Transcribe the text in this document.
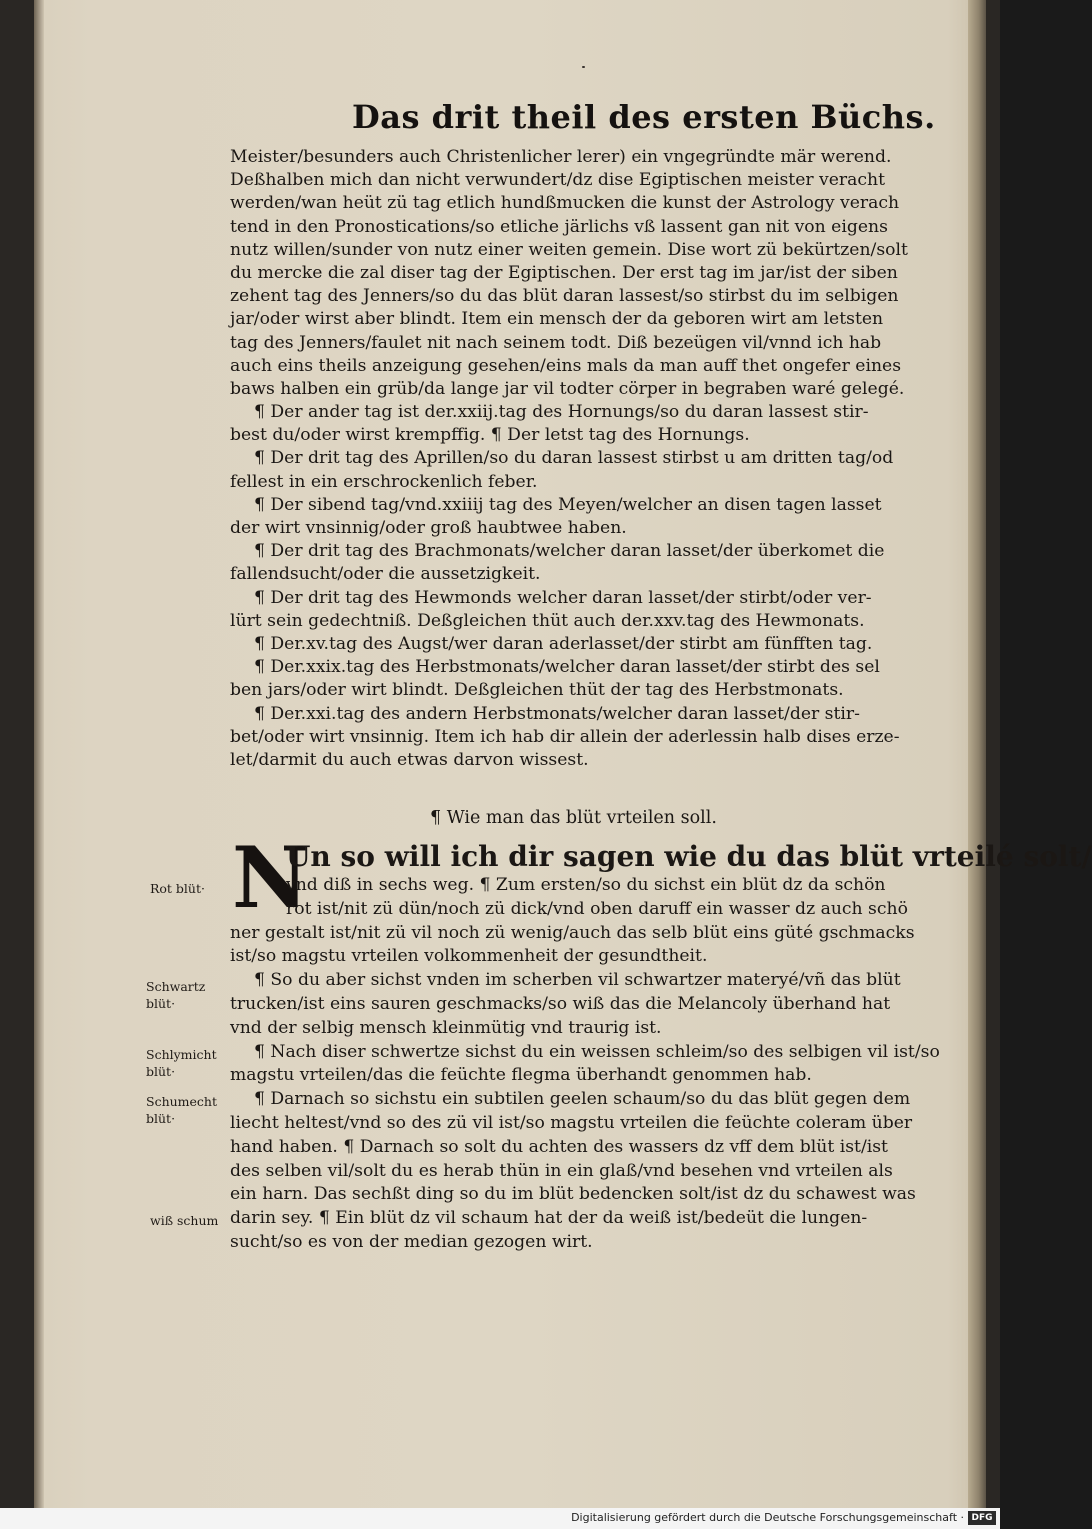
Das drit theil des ersten Büchs.
Meister/besunders auch Christenlicher lerer) ein vngegründte mär werend.
Deßhalben mich dan nicht verwundert/dz dise Egiptischen meister veracht
werden/wan heüt zü tag etlich hundßmucken die kunst der Astrology verach
tend in den Pronostications/so etliche järlichs vß lassent gan nit von eigens
nutz willen/sunder von nutz einer weiten gemein. Dise wort zü bekürtzen/solt
du mercke die zal diser tag der Egiptischen. Der erst tag im jar/ist der siben
zehent tag des Jenners/so du das blüt daran lassest/so stirbst du im selbigen
jar/oder wirst aber blindt. Item ein mensch der da geboren wirt am letsten
tag des Jenners/faulet nit nach seinem todt. Diß bezeügen vil/vnnd ich hab
auch eins theils anzeigung gesehen/eins mals da man auff thet ongefer eines
baws halben ein grüb/da lange jar vil todter cörper in begraben waré gelegé.
¶ Der ander tag ist der.xxiij.tag des Hornungs/so du daran lassest stir-
best du/oder wirst krempffig. ¶ Der letst tag des Hornungs.
¶ Der drit tag des Aprillen/so du daran lassest stirbst u am dritten tag/od
fellest in ein erschrockenlich feber.
¶ Der sibend tag/vnd.xxiiij tag des Meyen/welcher an disen tagen lasset
der wirt vnsinnig/oder groß haubtwee haben.
¶ Der drit tag des Brachmonats/welcher daran lasset/der überkomet die
fallendsucht/oder die aussetzigkeit.
¶ Der drit tag des Hewmonds welcher daran lasset/der stirbt/oder ver-
lürt sein gedechtniß. Deßgleichen thüt auch der.xxv.tag des Hewmonats.
¶ Der.xv.tag des Augst/wer daran aderlasset/der stirbt am fünfften tag.
¶ Der.xxix.tag des Herbstmonats/welcher daran lasset/der stirbt des sel
ben jars/oder wirt blindt. Deßgleichen thüt der tag des Herbstmonats.
¶ Der.xxi.tag des andern Herbstmonats/welcher daran lasset/der stir-
bet/oder wirt vnsinnig. Item ich hab dir allein der aderlessin halb dises erze-
let/darmit du auch etwas darvon wissest.
¶ Wie man das blüt vrteilen soll.
N
Un so will ich dir sagen wie du das blüt vrteilé solt/
vnd diß in sechs weg. ¶ Zum ersten/so du sichst ein blüt dz da schön
rot ist/nit zü dün/noch zü dick/vnd oben daruff ein wasser dz auch schö
ner gestalt ist/nit zü vil noch zü wenig/auch das selb blüt eins güté gschmacks
ist/so magstu vrteilen volkommenheit der gesundtheit.
¶ So du aber sichst vnden im scherben vil schwartzer materyé/vñ das blüt
trucken/ist eins sauren geschmacks/so wiß das die Melancoly überhand hat
vnd der selbig mensch kleinmütig vnd traurig ist.
¶ Nach diser schwertze sichst du ein weissen schleim/so des selbigen vil ist/so
magstu vrteilen/das die feüchte flegma überhandt genommen hab.
¶ Darnach so sichstu ein subtilen geelen schaum/so du das blüt gegen dem
liecht heltest/vnd so des zü vil ist/so magstu vrteilen die feüchte coleram über
hand haben. ¶ Darnach so solt du achten des wassers dz vff dem blüt ist/ist
des selben vil/solt du es herab thün in ein glaß/vnd besehen vnd vrteilen als
ein harn. Das sechßt ding so du im blüt bedencken solt/ist dz du schawest was
darin sey. ¶ Ein blüt dz vil schaum hat der da weiß ist/bedeüt die lungen-
sucht/so es von der median gezogen wirt.
Rot blüt·
Schwartz blüt·
Schlymicht blüt·
Schumecht blüt·
wiß schum
Digitalisierung gefördert durch die Deutsche Forschungsgemeinschaft · DFG
